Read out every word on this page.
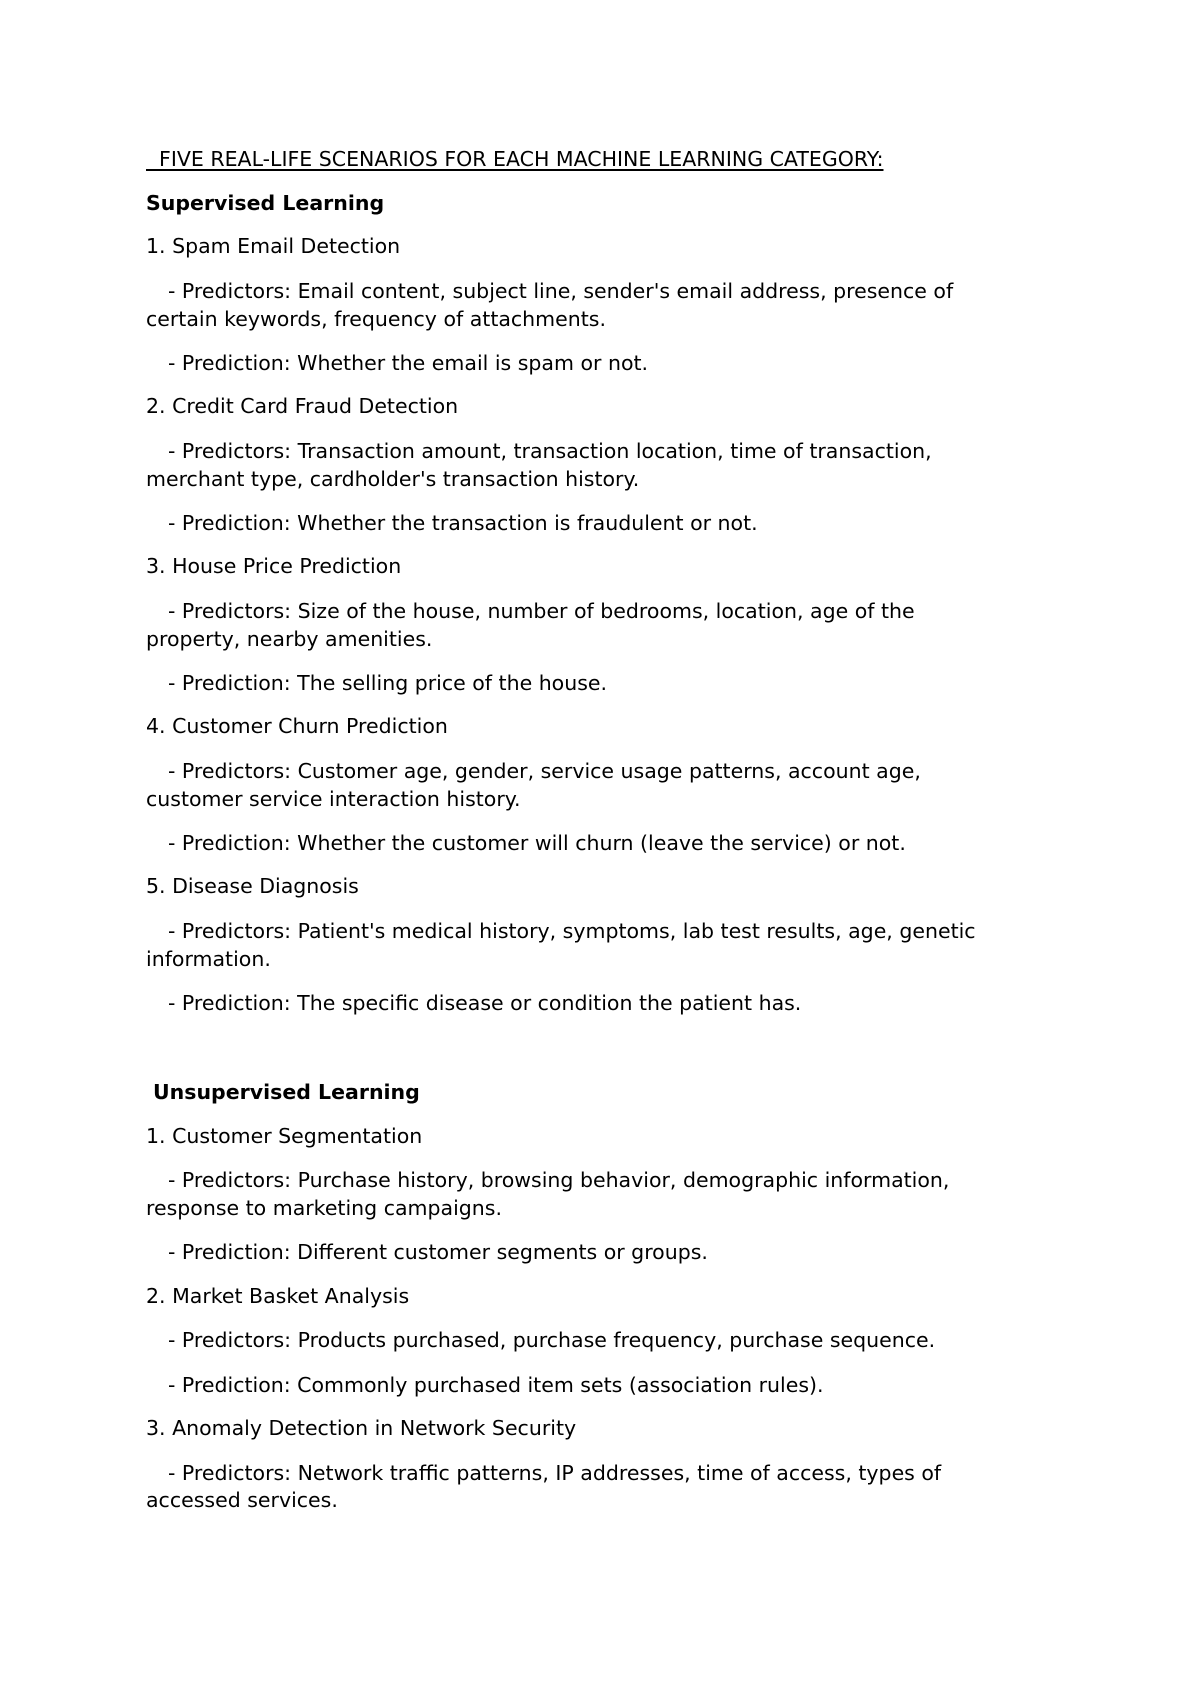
FIVE REAL-LIFE SCENARIOS FOR EACH MACHINE LEARNING CATEGORY:
Supervised Learning
1. Spam Email Detection
- Predictors: Email content, subject line, sender's email address, presence of
certain keywords, frequency of attachments.
- Prediction: Whether the email is spam or not.
2. Credit Card Fraud Detection
- Predictors: Transaction amount, transaction location, time of transaction,
merchant type, cardholder's transaction history.
- Prediction: Whether the transaction is fraudulent or not.
3. House Price Prediction
- Predictors: Size of the house, number of bedrooms, location, age of the
property, nearby amenities.
- Prediction: The selling price of the house.
4. Customer Churn Prediction
- Predictors: Customer age, gender, service usage patterns, account age,
customer service interaction history.
- Prediction: Whether the customer will churn (leave the service) or not.
5. Disease Diagnosis
- Predictors: Patient's medical history, symptoms, lab test results, age, genetic
information.
- Prediction: The specific disease or condition the patient has.
Unsupervised Learning
1. Customer Segmentation
- Predictors: Purchase history, browsing behavior, demographic information,
response to marketing campaigns.
- Prediction: Different customer segments or groups.
2. Market Basket Analysis
- Predictors: Products purchased, purchase frequency, purchase sequence.
- Prediction: Commonly purchased item sets (association rules).
3. Anomaly Detection in Network Security
- Predictors: Network traffic patterns, IP addresses, time of access, types of
accessed services.
